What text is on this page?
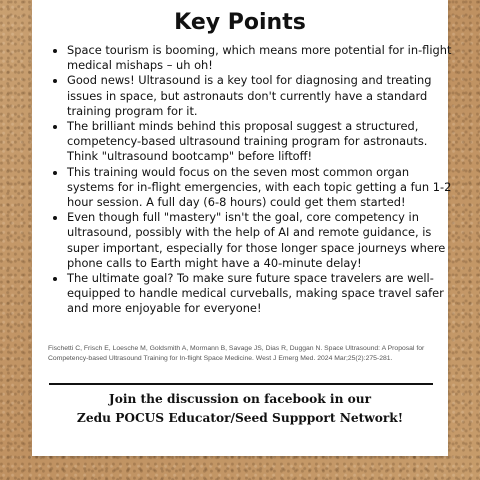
Key Points
• Space tourism is booming, which means more potential for in-flight medical mishaps – uh oh!
• Good news! Ultrasound is a key tool for diagnosing and treating issues in space, but astronauts don't currently have a standard training program for it.
• The brilliant minds behind this proposal suggest a structured, competency-based ultrasound training program for astronauts. Think "ultrasound bootcamp" before liftoff!
• This training would focus on the seven most common organ systems for in-flight emergencies, with each topic getting a fun 1-2 hour session. A full day (6-8 hours) could get them started!
• Even though full "mastery" isn't the goal, core competency in ultrasound, possibly with the help of AI and remote guidance, is super important, especially for those longer space journeys where phone calls to Earth might have a 40-minute delay!
• The ultimate goal? To make sure future space travelers are well-equipped to handle medical curveballs, making space travel safer and more enjoyable for everyone!

Fischetti C, Frisch E, Loesche M, Goldsmith A, Mormann B, Savage JS, Dias R, Duggan N. Space Ultrasound: A Proposal for Competency-based Ultrasound Training for In-flight Space Medicine. West J Emerg Med. 2024 Mar;25(2):275-281.

Join the discussion on facebook in our
Zedu POCUS Educator/Seed Suppport Network!
